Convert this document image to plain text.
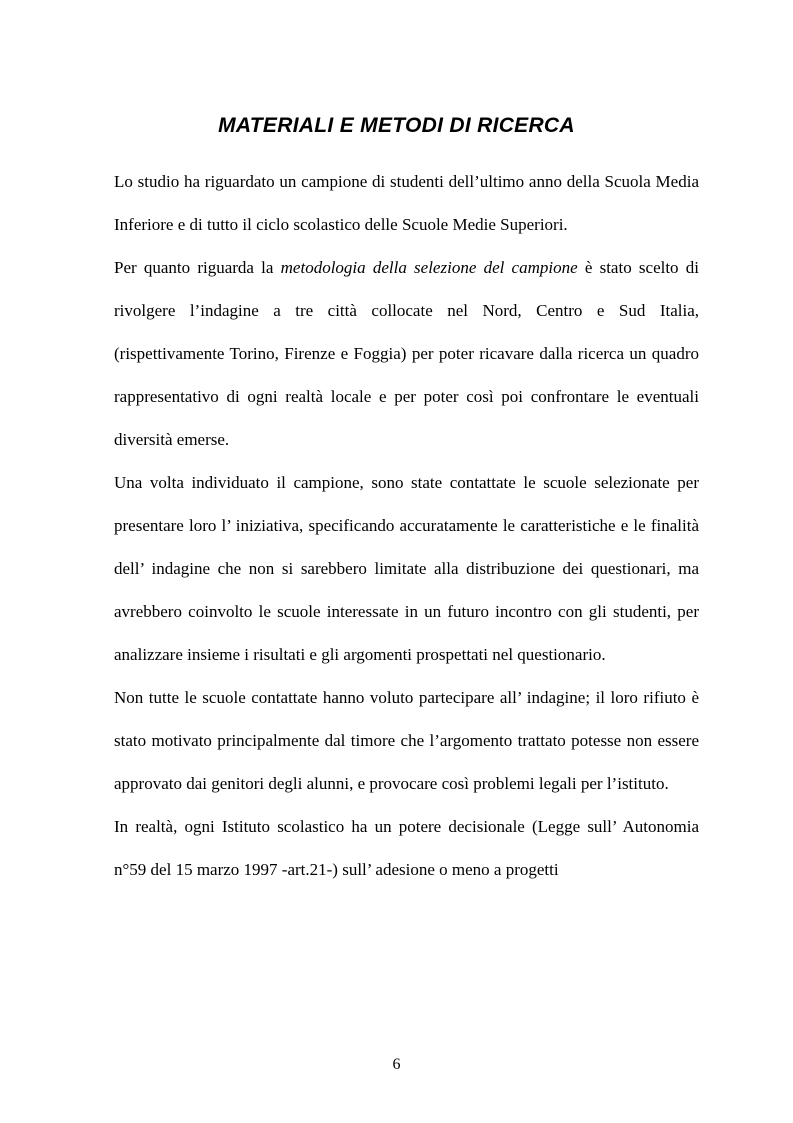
MATERIALI E METODI DI RICERCA

Lo studio ha riguardato un campione di studenti dell’ultimo anno della Scuola Media Inferiore e di tutto il ciclo scolastico delle Scuole Medie Superiori.

Per quanto riguarda la metodologia della selezione del campione è stato scelto di rivolgere l’indagine a tre città collocate nel Nord, Centro e Sud Italia, (rispettivamente Torino, Firenze e Foggia) per poter ricavare dalla ricerca un quadro rappresentativo di ogni realtà locale e per poter così poi confrontare le eventuali diversità emerse.

Una volta individuato il campione, sono state contattate le scuole selezionate per presentare loro l’ iniziativa, specificando accuratamente le caratteristiche e le finalità dell’ indagine che non si sarebbero limitate alla distribuzione dei questionari, ma avrebbero coinvolto le scuole interessate in un futuro incontro con gli studenti, per analizzare insieme i risultati e gli argomenti prospettati nel questionario.

Non tutte le scuole contattate hanno voluto partecipare all’ indagine; il loro rifiuto è stato motivato principalmente dal timore che l’argomento trattato potesse non essere approvato dai genitori degli alunni, e provocare così problemi legali per l’istituto.

In realtà, ogni Istituto scolastico ha un potere decisionale (Legge sull’ Autonomia n°59 del 15 marzo 1997 -art.21-) sull’ adesione o meno a progetti

6
